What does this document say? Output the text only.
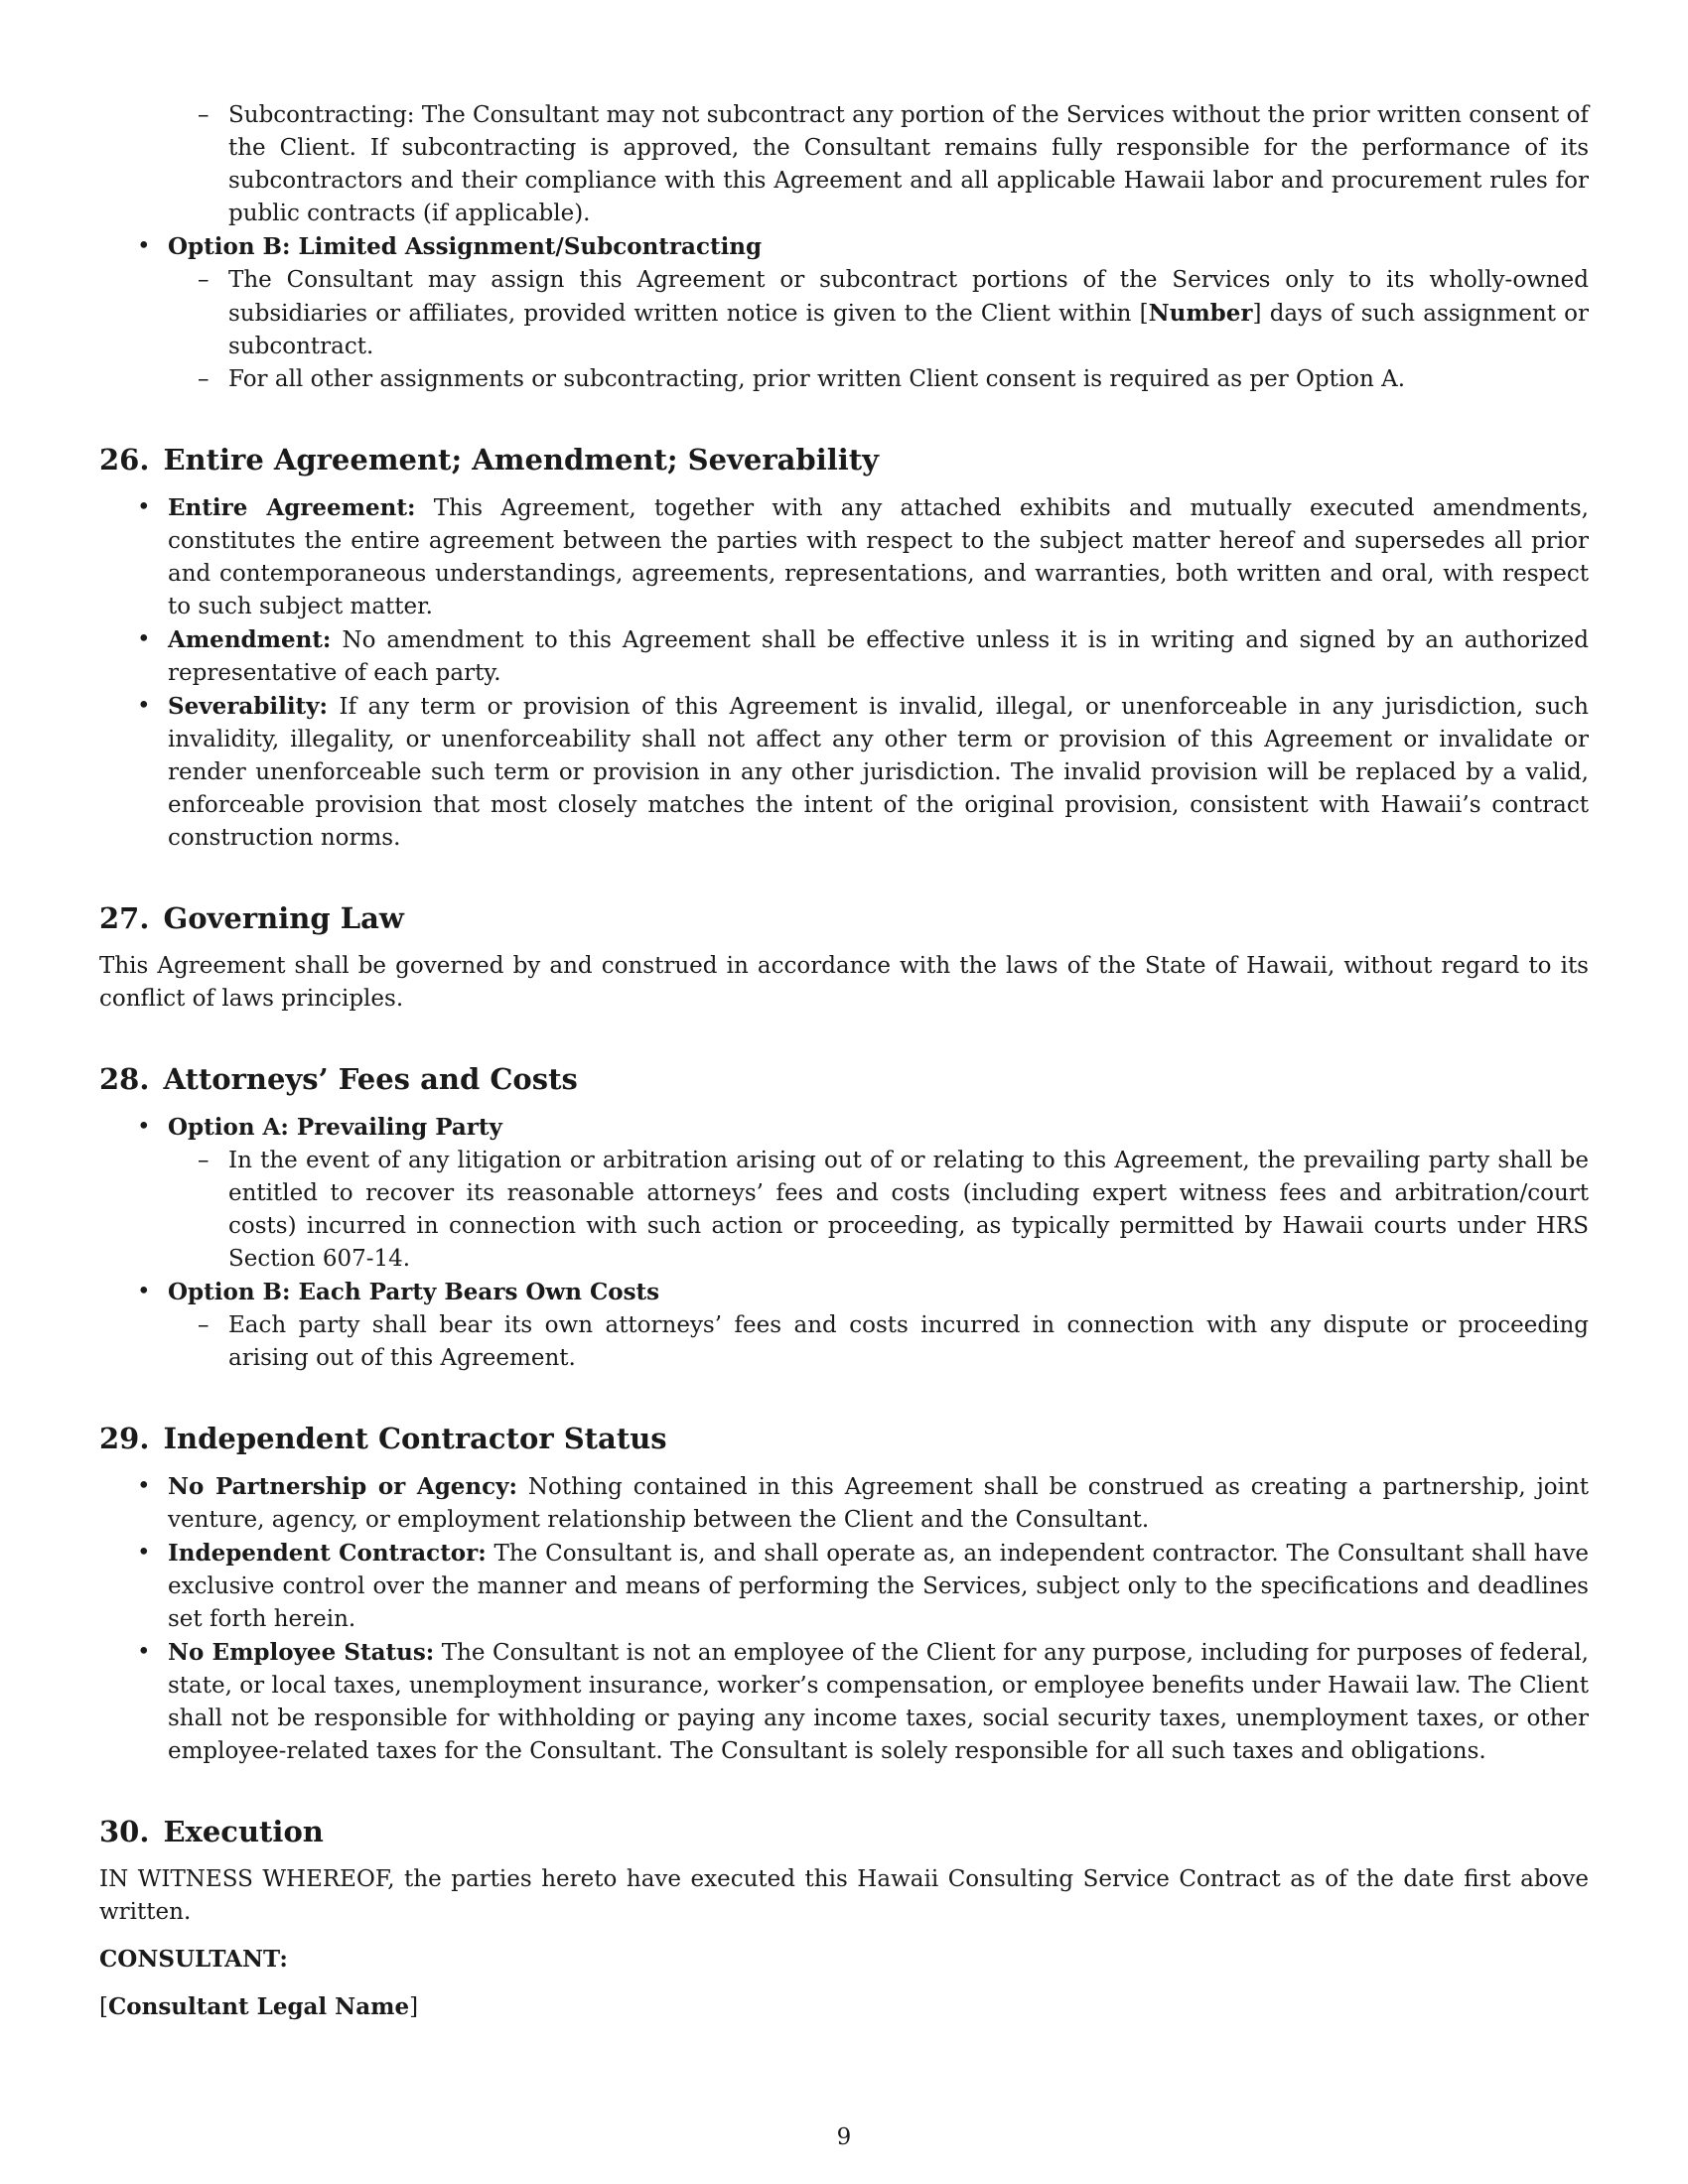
– Subcontracting: The Consultant may not subcontract any portion of the Services without the prior written consent of the Client. If subcontracting is approved, the Consultant remains fully responsible for the performance of its subcontractors and their compliance with this Agreement and all applicable Hawaii labor and procurement rules for public contracts (if applicable).
• Option B: Limited Assignment/Subcontracting
– The Consultant may assign this Agreement or subcontract portions of the Services only to its wholly-owned subsidiaries or affiliates, provided written notice is given to the Client within [Number] days of such assignment or subcontract.
– For all other assignments or subcontracting, prior written Client consent is required as per Option A.
26. Entire Agreement; Amendment; Severability
• Entire Agreement: This Agreement, together with any attached exhibits and mutually executed amendments, constitutes the entire agreement between the parties with respect to the subject matter hereof and supersedes all prior and contemporaneous understandings, agreements, representations, and warranties, both written and oral, with respect to such subject matter.
• Amendment: No amendment to this Agreement shall be effective unless it is in writing and signed by an authorized representative of each party.
• Severability: If any term or provision of this Agreement is invalid, illegal, or unenforceable in any jurisdiction, such invalidity, illegality, or unenforceability shall not affect any other term or provision of this Agreement or invalidate or render unenforceable such term or provision in any other jurisdiction. The invalid provision will be replaced by a valid, enforceable provision that most closely matches the intent of the original provision, consistent with Hawaii’s contract construction norms.
27. Governing Law

This Agreement shall be governed by and construed in accordance with the laws of the State of Hawaii, without regard to its conflict of laws principles.

28. Attorneys’ Fees and Costs
• Option A: Prevailing Party
– In the event of any litigation or arbitration arising out of or relating to this Agreement, the prevailing party shall be entitled to recover its reasonable attorneys’ fees and costs (including expert witness fees and arbitration/court costs) incurred in connection with such action or proceeding, as typically permitted by Hawaii courts under HRS Section 607-14.
• Option B: Each Party Bears Own Costs
– Each party shall bear its own attorneys’ fees and costs incurred in connection with any dispute or proceeding arising out of this Agreement.
29. Independent Contractor Status
• No Partnership or Agency: Nothing contained in this Agreement shall be construed as creating a partnership, joint venture, agency, or employment relationship between the Client and the Consultant.
• Independent Contractor: The Consultant is, and shall operate as, an independent contractor. The Consultant shall have exclusive control over the manner and means of performing the Services, subject only to the specifications and deadlines set forth herein.
• No Employee Status: The Consultant is not an employee of the Client for any purpose, including for purposes of federal, state, or local taxes, unemployment insurance, worker’s compensation, or employee benefits under Hawaii law. The Client shall not be responsible for withholding or paying any income taxes, social security taxes, unemployment taxes, or other employee-related taxes for the Consultant. The Consultant is solely responsible for all such taxes and obligations.
30. Execution

IN WITNESS WHEREOF, the parties hereto have executed this Hawaii Consulting Service Contract as of the date first above written.

CONSULTANT:

[Consultant Legal Name]

9
